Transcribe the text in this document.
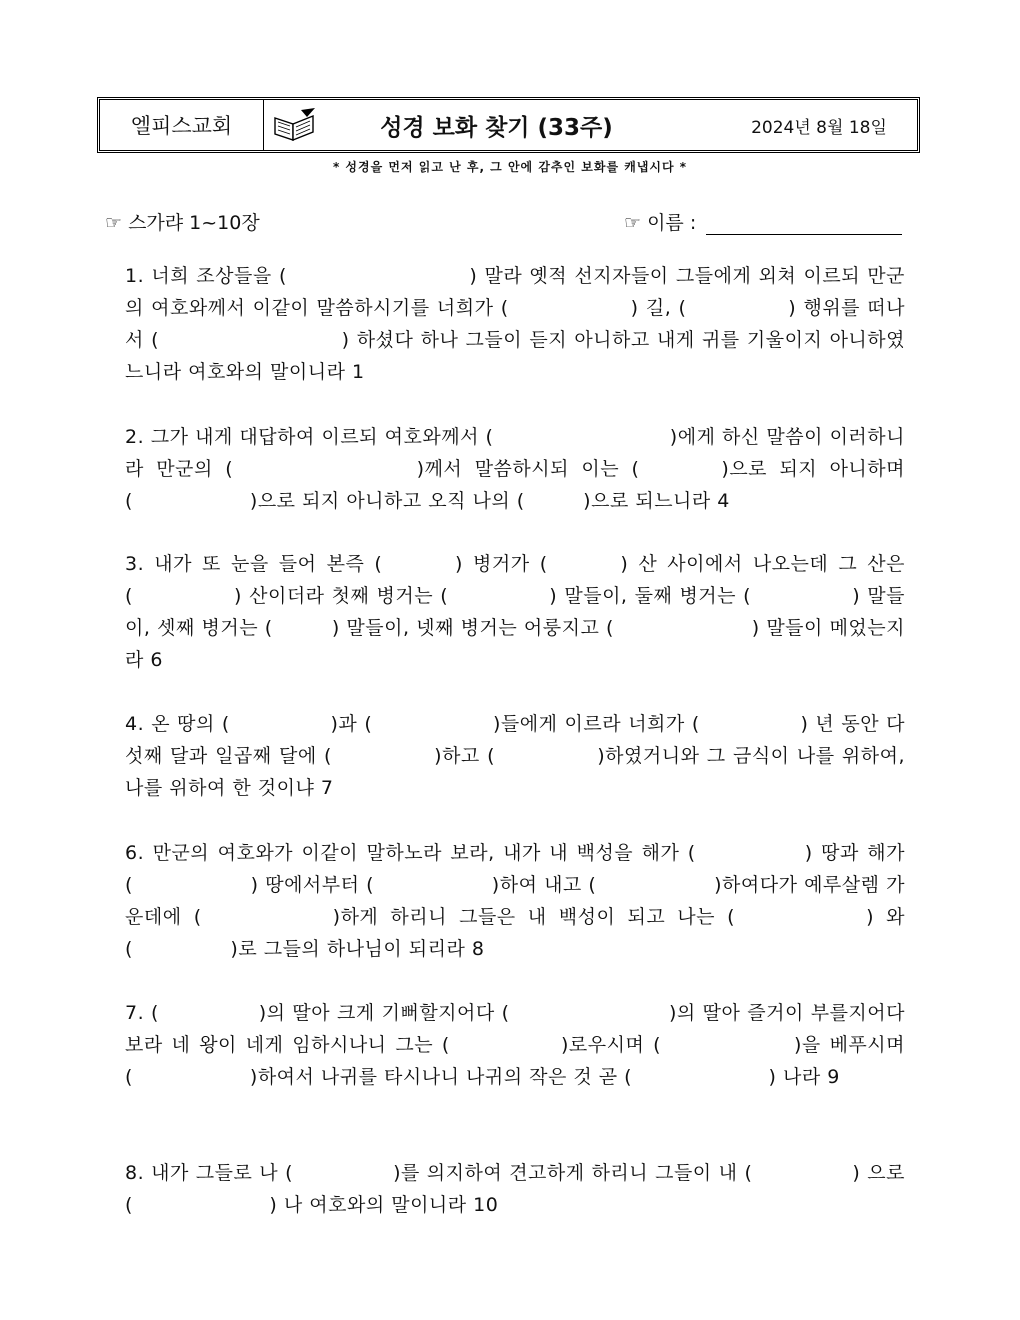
엘피스교회	성경 보화 찾기 (33주)	2024년 8월 18일
* 성경을 먼저 읽고 난 후, 그 안에 감추인 보화를 캐냅시다 *
☞ 스가랴 1~10장	☞ 이름 :
1. 너희 조상들을 (　　　　　　　　　) 말라 옛적 선지자들이 그들에게 외쳐 이르되 만군의 여호와께서 이같이 말씀하시기를 너희가 (　　　　　　) 길, (　　　　　) 행위를 떠나서 (　　　　　　　　　) 하셨다 하나 그들이 듣지 아니하고 내게 귀를 기울이지 아니하였느니라 여호와의 말이니라 1
2. 그가 내게 대답하여 이르되 여호와께서 (　　　　　　　　　)에게 하신 말씀이 이러하니라 만군의 (　　　　　　　)께서 말씀하시되 이는 (　　　)으로 되지 아니하며 (　　　　　　)으로 되지 아니하고 오직 나의 (　　　)으로 되느니라 4
3. 내가 또 눈을 들어 본즉 (　　　) 병거가 (　　　) 산 사이에서 나오는데 그 산은 (　　　　　) 산이더라 첫째 병거는 (　　　　　) 말들이, 둘째 병거는 (　　　　　) 말들이, 셋째 병거는 (　　　) 말들이, 넷째 병거는 어룽지고 (　　　　　　　) 말들이 메었는지라 6
4. 온 땅의 (　　　　　)과 (　　　　　　)들에게 이르라 너희가 (　　　　　) 년 동안 다섯째 달과 일곱째 달에 (　　　　　)하고 (　　　　　)하였거니와 그 금식이 나를 위하여, 나를 위하여 한 것이냐 7
6. 만군의 여호와가 이같이 말하노라 보라, 내가 내 백성을 해가 (　　　　　) 땅과 해가 (　　　　　　) 땅에서부터 (　　　　　　)하여 내고 (　　　　　　)하여다가 예루살렘 가운데에 (　　　　　)하게 하리니 그들은 내 백성이 되고 나는 (　　　　　) 와 (　　　　　)로 그들의 하나님이 되리라 8
7. (　　　　　)의 딸아 크게 기뻐할지어다 (　　　　　　　　)의 딸아 즐거이 부를지어다 보라 네 왕이 네게 임하시나니 그는 (　　　　　)로우시며 (　　　　　　)을 베푸시며 (　　　　　　)하여서 나귀를 타시나니 나귀의 작은 것 곧 (　　　　　　　) 나라 9
8. 내가 그들로 나 (　　　　　)를 의지하여 견고하게 하리니 그들이 내 (　　　　　) 으로 (　　　　　　　) 나 여호와의 말이니라 10
